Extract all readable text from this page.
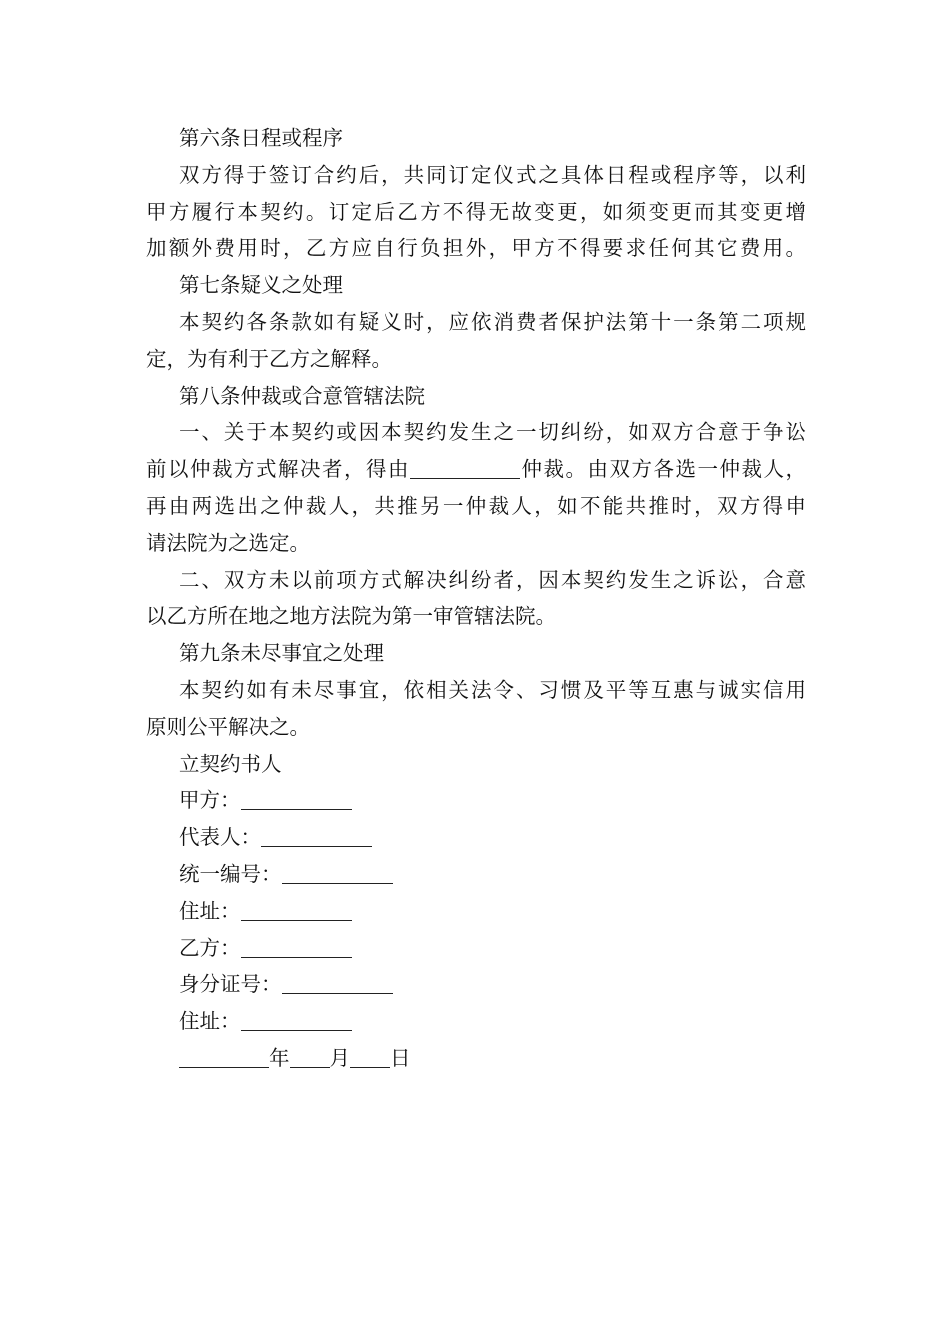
第六条日程或程序

双方得于签订合约后，共同订定仪式之具体日程或程序等，以利

甲方履行本契约。订定后乙方不得无故变更，如须变更而其变更增

加额外费用时，乙方应自行负担外，甲方不得要求任何其它费用。

第七条疑义之处理

本契约各条款如有疑义时，应依消费者保护法第十一条第二项规

定，为有利于乙方之解释。

第八条仲裁或合意管辖法院

一、关于本契约或因本契约发生之一切纠纷，如双方合意于争讼

前以仲裁方式解决者，得由	仲裁。由双方各选一仲裁人，

再由两选出之仲裁人，共推另一仲裁人，如不能共推时，双方得申

请法院为之选定。

二、双方未以前项方式解决纠纷者，因本契约发生之诉讼，合意

以乙方所在地之地方法院为第一审管辖法院。

第九条未尽事宜之处理

本契约如有未尽事宜，依相关法令、习惯及平等互惠与诚实信用

原则公平解决之。

立契约书人

甲方：

代表人：

统一编号：

住址：

乙方：

身分证号：

住址：

年 月 日
